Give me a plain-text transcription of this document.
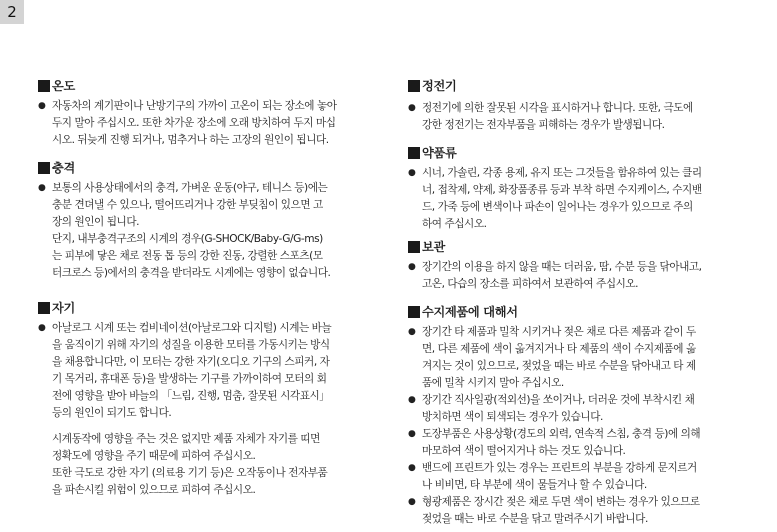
2
온도
● 자동차의 계기판이나 난방기구의 가까이 고온이 되는 장소에 놓아
두지 말아 주십시오. 또한 차가운 장소에 오래 방치하여 두지 마십
시오. 뒤늦게 진행 되거나, 멈추거나 하는 고장의 원인이 됩니다.
충격
● 보통의 사용상태에서의 충격, 가벼운 운동(야구, 테니스 등)에는
충분 견뎌낼 수 있으나, 떨어뜨리거나 강한 부딪침이 있으면 고
장의 원인이 됩니다.
단지, 내부충격구조의 시계의 경우(G-SHOCK/Baby-G/G-ms)
는 피부에 닿은 채로 전동 톱 등의 강한 진동, 강렬한 스포츠(모
터크로스 등)에서의 충격을 받더라도 시계에는 영향이 없습니다.
자기
● 아날로그 시계 또는 컴비네이션(아날로그와 디지털) 시계는 바늘
을 움직이기 위해 자기의 성질을 이용한 모터를 가동시키는 방식
을 채용합니다만, 이 모터는 강한 자기(오디오 기구의 스피커, 자
기 목거리, 휴대폰 등)을 발생하는 기구를 가까이하여 모터의 회
전에 영향을 받아 바늘의 「느림, 진행, 멈춤, 잘못된 시각표시」
등의 원인이 되기도 합니다.
시계동작에 영향을 주는 것은 없지만 제품 자체가 자기를 띠면
정확도에 영향을 주기 때문에 피하여 주십시오.
또한 극도로 강한 자기 (의료용 기기 등)은 오작동이나 전자부품
을 파손시킬 위험이 있으므로 피하여 주십시오.
정전기
● 정전기에 의한 잘못된 시각을 표시하거나 합니다. 또한, 극도에
강한 정전기는 전자부품을 피해하는 경우가 발생됩니다.
약품류
● 시너, 가솔린, 각종 용제, 유지 또는 그것들을 함유하여 있는 클리
너, 접착제, 약제, 화장품종류 등과 부착 하면 수지케이스, 수지밴
드, 가죽 등에 변색이나 파손이 일어나는 경우가 있으므로 주의
하여 주십시오.
보관
● 장기간의 이용을 하지 않을 때는 더러움, 땀, 수분 등을 닦아내고,
고온, 다습의 장소를 피하여서 보관하여 주십시오.
수지제품에 대해서
● 장기간 타 제품과 밀착 시키거나 젖은 채로 다른 제품과 같이 두
면, 다른 제품에 색이 옮겨지거나 타 제품의 색이 수지제품에 옮
겨지는 것이 있으므로, 젖었을 때는 바로 수분을 닦아내고 타 제
품에 밀착 시키지 말아 주십시오.
● 장기간 직사일광(적외선)을 쏘이거나, 더러운 것에 부착시킨 채
방치하면 색이 퇴색되는 경우가 있습니다.
● 도장부품은 사용상황(경도의 외력, 연속적 스침, 충격 등)에 의해
마모하여 색이 떨어지거나 하는 것도 있습니다.
● 밴드에 프린트가 있는 경우는 프린트의 부분을 강하게 문지르거
나 비비면, 타 부분에 색이 물들거나 할 수 있습니다.
● 형광제품은 장시간 젖은 채로 두면 색이 변하는 경우가 있으므로
젖었을 때는 바로 수분을 닦고 말려주시기 바랍니다.
